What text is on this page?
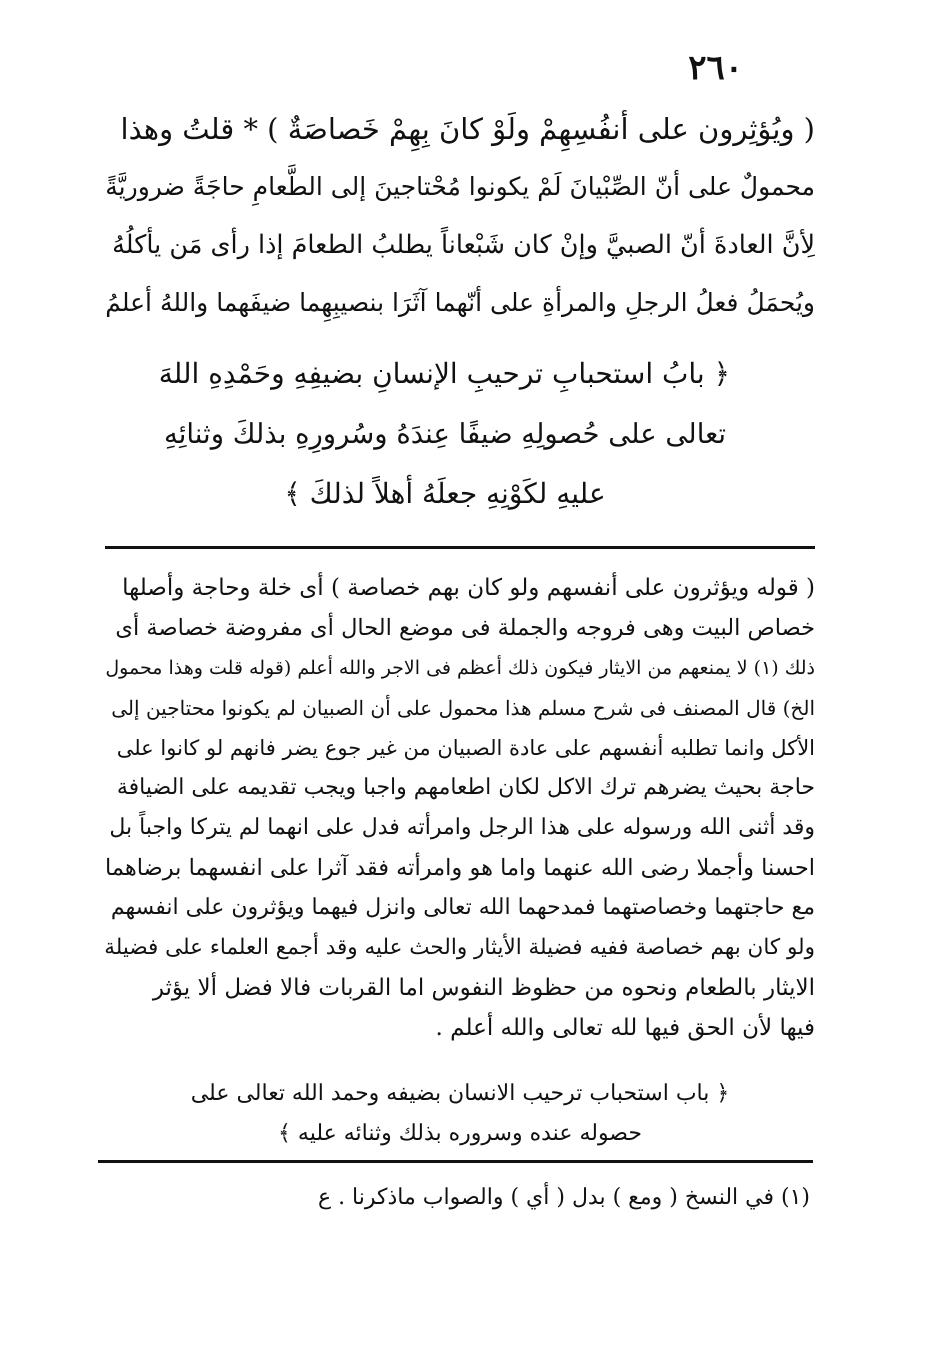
٢٦٠
( ويُؤثِرون على أنفُسِهِمْ ولَوْ كانَ بِهِمْ خَصاصَةٌ ) * قلتُ وهذا
محمولٌ على أنّ الصِّبْيانَ لَمْ يكونوا مُحْتاجينَ إلى الطَّعامِ حاجَةً ضروريَّةً
لِأنَّ العادةَ أنّ الصبيَّ وإنْ كان شَبْعاناً يطلبُ الطعامَ إذا رأى مَن يأكلُهُ
ويُحمَلُ فعلُ الرجلِ والمرأةِ على أنّهما آثَرَا بنصيبِهِما ضيفَهما واللهُ أعلمُ
﴿ بابُ استحبابِ ترحيبِ الإنسانِ بضيفِهِ وحَمْدِهِ اللهَ
تعالى على حُصولِهِ ضيفًا عِندَهُ وسُرورِهِ بذلكَ وثنائِهِ
عليهِ لكَوْنِهِ جعلَهُ أهلاً لذلكَ ﴾
( قوله ويؤثرون على أنفسهم ولو كان بهم خصاصة ) أى خلة وحاجة وأصلها
خصاص البيت وهى فروجه والجملة فى موضع الحال أى مفروضة خصاصة أى
ذلك (١) لا يمنعهم من الايثار فيكون ذلك أعظم فى الاجر والله أعلم (قوله قلت وهذا محمول
الخ) قال المصنف فى شرح مسلم هذا محمول على أن الصبيان لم يكونوا محتاجين إلى
الأكل وانما تطلبه أنفسهم على عادة الصبيان من غير جوع يضر فانهم لو كانوا على
حاجة بحيث يضرهم ترك الاكل لكان اطعامهم واجبا ويجب تقديمه على الضيافة
وقد أثنى الله ورسوله على هذا الرجل وامرأته فدل على انهما لم يتركا واجباً بل
احسنا وأجملا رضى الله عنهما واما هو وامرأته فقد آثرا على انفسهما برضاهما
مع حاجتهما وخصاصتهما فمدحهما الله تعالى وانزل فيهما ويؤثرون على انفسهم
ولو كان بهم خصاصة ففيه فضيلة الأيثار والحث عليه وقد أجمع العلماء على فضيلة
الايثار بالطعام ونحوه من حظوظ النفوس اما القربات فالا فضل ألا يؤثر
فيها لأن الحق فيها لله تعالى والله أعلم .
﴿ باب استحباب ترحيب الانسان بضيفه وحمد الله تعالى على
حصوله عنده وسروره بذلك وثنائه عليه ﴾
(١) في النسخ ( ومع ) بدل ( أي ) والصواب ماذكرنا . ع
